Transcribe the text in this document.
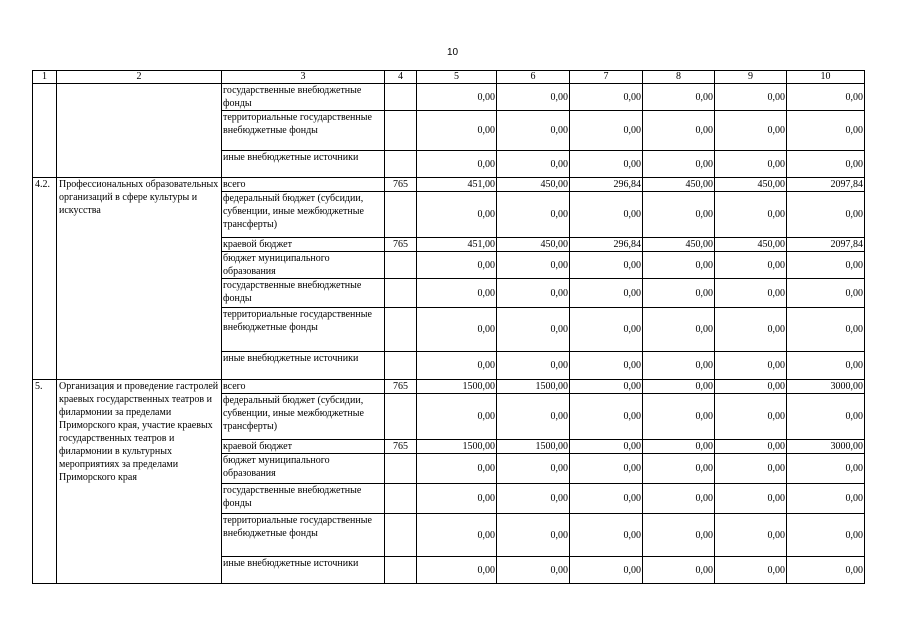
10
1	2	3	4	5	6	7	8	9	10
		государственные внебюджетные фонды		0,00	0,00	0,00	0,00	0,00	0,00
		территориальные государственные внебюджетные фонды		0,00	0,00	0,00	0,00	0,00	0,00
		иные внебюджетные источники		0,00	0,00	0,00	0,00	0,00	0,00
4.2.	Профессиональных образовательных организаций в сфере культуры и искусства	всего	765	451,00	450,00	296,84	450,00	450,00	2097,84
		федеральный бюджет (субсидии, субвенции, иные межбюджетные трансферты)		0,00	0,00	0,00	0,00	0,00	0,00
		краевой бюджет	765	451,00	450,00	296,84	450,00	450,00	2097,84
		бюджет муниципального образования		0,00	0,00	0,00	0,00	0,00	0,00
		государственные внебюджетные фонды		0,00	0,00	0,00	0,00	0,00	0,00
		территориальные государственные внебюджетные фонды		0,00	0,00	0,00	0,00	0,00	0,00
		иные внебюджетные источники		0,00	0,00	0,00	0,00	0,00	0,00
5.	Организация и проведение гастролей краевых государственных театров и филармонии за пределами Приморского края, участие краевых государственных театров и филармонии в культурных мероприятиях за пределами Приморского края	всего	765	1500,00	1500,00	0,00	0,00	0,00	3000,00
		федеральный бюджет (субсидии, субвенции, иные межбюджетные трансферты)		0,00	0,00	0,00	0,00	0,00	0,00
		краевой бюджет	765	1500,00	1500,00	0,00	0,00	0,00	3000,00
		бюджет муниципального образования		0,00	0,00	0,00	0,00	0,00	0,00
		государственные внебюджетные фонды		0,00	0,00	0,00	0,00	0,00	0,00
		территориальные государственные внебюджетные фонды		0,00	0,00	0,00	0,00	0,00	0,00
		иные внебюджетные источники		0,00	0,00	0,00	0,00	0,00	0,00
